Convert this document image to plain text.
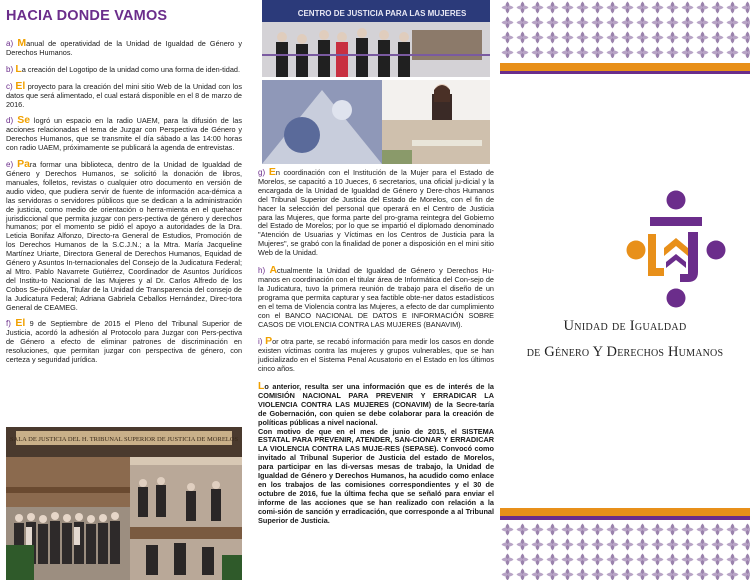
HACIA DONDE VAMOS
a) Manual de operatividad de la Unidad de Igualdad de Género y Derechos Humanos.
b) La creación del Logotipo de la unidad como una forma de iden-tidad.
c) El proyecto para la creación del mini sitio Web de la Unidad con los datos que será alimentado, el cual estará disponible en el 8 de marzo de 2016.
d) Se logró un espacio en la radio UAEM, para la difusión de las acciones relacionadas el tema de Juzgar con Perspectiva de Género y Derechos Humanos, que se transmite el día sábado a las 14:00 horas con radio UAEM, próximamente se publicará la agenda de entrevistas.
e) Para formar una biblioteca, dentro de la Unidad de Igualdad de Género y Derechos Humanos, se solicitó la donación de libros, manuales, folletos, revistas o cualquier otro documento en versión de audio video, que pudiera servir de fuente de información aca-démica a las servidoras o servidores públicos que se dedican a la administración de justicia, como medio de orientación o herra-mienta en el quehacer jurisdiccional que permita juzgar con pers-pectiva de género y derechos humanos; por el momento se pidió el apoyo a autoridades de la Dra. Leticia Bonifaz Alfonzo, Directo-ra General de Estudios, Promoción de los Derechos Humanos de la S.C.J.N.; a la Mtra. María Jacqueline Martínez Uriarte, Directora General de Derechos Humanos, Equidad de Género y Asuntos In-ternacionales del Consejo de la Judicatura Federal; al Mtro. Pablo Navarrete Gutiérrez, Coordinador de Asuntos Jurídicos del Institu-to Nacional de las Mujeres y al Dr. Carlos Alfredo de los Cobos Se-púlveda, Titular de la Unidad de Transparencia del consejo de la Judicatura Federal; Adriana Gabriela Ceballos Hernández, Direc-tora General de CEAMEG.
f) El 9 de Septiembre de 2015 el Pleno del Tribunal Superior de Justicia, acordó la adhesión al Protocolo para Juzgar con Pers-pectiva de Género a efecto de eliminar patrones de discriminación en resoluciones, que permitan juzgar con perspectiva de género, con certeza y seguridad jurídica.
SALA DE JUSTICIA DEL H. TRIBUNAL SUPERIOR DE JUSTICIA DE MORELOS
CENTRO DE JUSTICIA PARA LAS MUJERES
g) En coordinación con el Institución de la Mujer para el Estado de Morelos, se capacitó a 10 Jueces, 6 secretarios, una oficial ju-dicial y la encargada de la Unidad de Igualdad de Género y Dere-chos Humanos del Tribunal Superior de Justicia del Estado de Morelos, con el fin de hacer la selección del personal que operará en el Centro de Justicia para las Mujeres, que forma parte del pro-grama reintegra del Gobierno del Estado de Morelos; por lo que se impartió el diplomado denominado "Atención de Usuarias y Víctimas en los Centros de Justicia para la Mujeres", se grabó con la finalidad de poner a disposición en el mini sitio Web de la Unidad.
h) Actualmente la Unidad de Igualdad de Género y Derechos Hu-manos en coordinación con el titular área de Informática del Con-sejo de la Judicatura, tuvo la primera reunión de trabajo para el diseño de un programa que permita capturar y sea factible obte-ner datos estadísticos en el tema de Violencia contra las Mujeres, a efecto de dar cumplimiento con el BANCO NACIONAL DE DATOS E INFORMACIÓN SOBRE CASOS DE VIOLENCIA CONTRA LAS MUJERES (BANAVIM).
i) Por otra parte, se recabó información para medir los casos en donde existen víctimas contra las mujeres y grupos vulnerables, que se han judicializado en el Sistema Penal Acusatorio en el Estado en los últimos cinco años.

Lo anterior, resulta ser una información que es de interés de la COMISIÓN NACIONAL PARA PREVENIR Y ERRADICAR LA VIOLENCIA CONTRA LAS MUJERES (CONAVIM) de la Secre-taría de Gobernación, con quien se debe colaborar para la creación de políticas públicas a nivel nacional.

Con motivo de que en el mes de junio de 2015, el SISTEMA ESTATAL PARA PREVENIR, ATENDER, SAN-CIONAR Y ERRADICAR LA VIOLENCIA CONTRA LAS MUJE-RES (SEPASE). Convocó como invitado al Tribunal Superior de Justicia del estado de Morelos, para participar en las di-versas mesas de trabajo, la Unidad de Igualdad de Género y Derechos Humanos, ha acudido como enlace en los trabajos de las comisiones correspondientes y el 30 de octubre de 2016, fue la última fecha que se señaló para enviar el informe de las acciones que se han realizado con relación a la comi-sión de sanción y erradicación, que corresponde a al Tribunal Superior de Justicia.

Unidad de Igualdad
de Género Y Derechos Humanos
